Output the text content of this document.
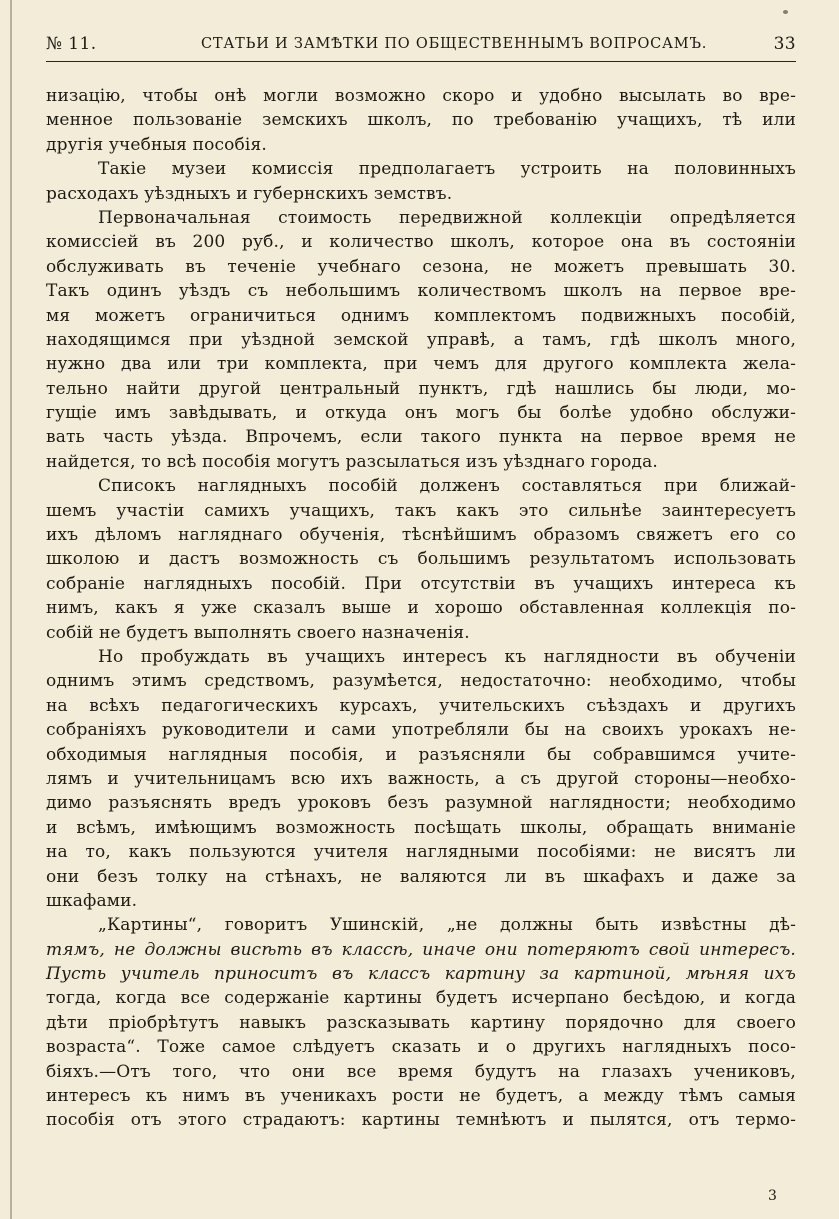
№ 11.	СТАТЬИ И ЗАМѢТКИ ПО ОБЩЕСТВЕННЫМЪ ВОПРОСАМЪ.	33
низацію, чтобы онѣ могли возможно скоро и удобно высылать во вре-
менное пользованіе земскихъ школъ, по требованію учащихъ, тѣ или
другія учебныя пособія.
Такіе музеи комиссія предполагаетъ устроить на половинныхъ
расходахъ уѣздныхъ и губернскихъ земствъ.
Первоначальная стоимость передвижной коллекціи опредѣляется
комиссіей въ 200 руб., и количество школъ, которое она въ состояніи
обслуживать въ теченіе учебнаго сезона, не можетъ превышать 30.
Такъ одинъ уѣздъ съ небольшимъ количествомъ школъ на первое вре-
мя можетъ ограничиться однимъ комплектомъ подвижныхъ пособій,
находящимся при уѣздной земской управѣ, а тамъ, гдѣ школъ много,
нужно два или три комплекта, при чемъ для другого комплекта жела-
тельно найти другой центральный пунктъ, гдѣ нашлись бы люди, мо-
гущіе имъ завѣдывать, и откуда онъ могъ бы болѣе удобно обслужи-
вать часть уѣзда. Впрочемъ, если такого пункта на первое время не
найдется, то всѣ пособія могутъ разсылаться изъ уѣзднаго города.
Списокъ наглядныхъ пособій долженъ составляться при ближай-
шемъ участіи самихъ учащихъ, такъ какъ это сильнѣе заинтересуетъ
ихъ дѣломъ нагляднаго обученія, тѣснѣйшимъ образомъ свяжетъ его со
школою и дастъ возможность съ большимъ результатомъ использовать
собраніе наглядныхъ пособій. При отсутствіи въ учащихъ интереса къ
нимъ, какъ я уже сказалъ выше и хорошо обставленная коллекція по-
собій не будетъ выполнять своего назначенія.
Но пробуждать въ учащихъ интересъ къ наглядности въ обученіи
однимъ этимъ средствомъ, разумѣется, недостаточно: необходимо, чтобы
на всѣхъ педагогическихъ курсахъ, учительскихъ съѣздахъ и другихъ
собраніяхъ руководители и сами употребляли бы на своихъ урокахъ не-
обходимыя наглядныя пособія, и разъясняли бы собравшимся учите-
лямъ и учительницамъ всю ихъ важность, а съ другой стороны—необхо-
димо разъяснять вредъ уроковъ безъ разумной наглядности; необходимо
и всѣмъ, имѣющимъ возможность посѣщать школы, обращать вниманіе
на то, какъ пользуются учителя наглядными пособіями: не висятъ ли
они безъ толку на стѣнахъ, не валяются ли въ шкафахъ и даже за
шкафами.
„Картины“, говоритъ Ушинскій, „не должны быть извѣстны дѣ-
тямъ, не должны висѣть въ классѣ, иначе они потеряютъ свой интересъ.
Пусть учитель приноситъ въ классъ картину за картиной, мѣняя ихъ
тогда, когда все содержаніе картины будетъ исчерпано бесѣдою, и когда
дѣти пріобрѣтутъ навыкъ разсказывать картину порядочно для своего
возраста“. Тоже самое слѣдуетъ сказать и о другихъ наглядныхъ посо-
біяхъ.—Отъ того, что они все время будутъ на глазахъ учениковъ,
интересъ къ нимъ въ ученикахъ рости не будетъ, а между тѣмъ самыя
пособія отъ этого страдаютъ: картины темнѣютъ и пылятся, отъ термо-
3
